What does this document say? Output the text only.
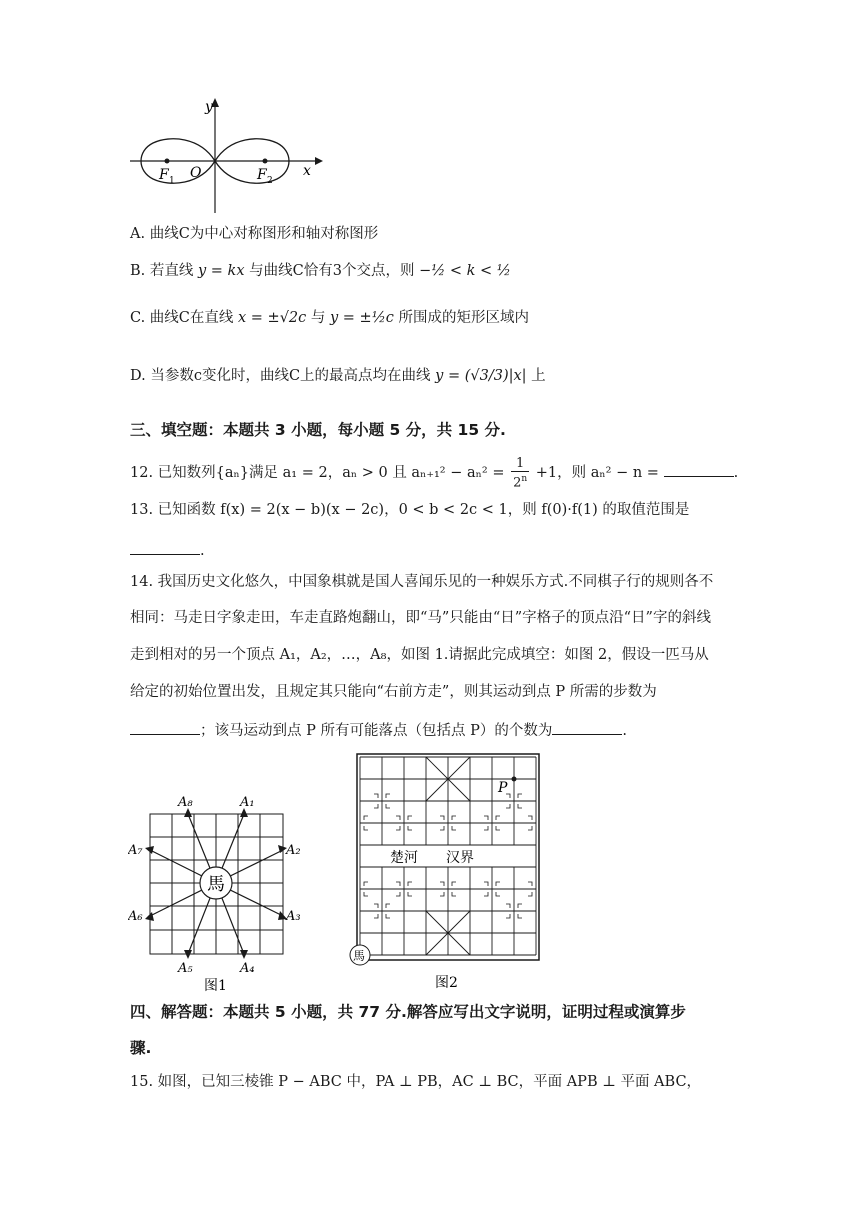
y
x
O
F 1	F 2
A. 曲线C为中心对称图形和轴对称图形
B. 若直线 y = kx 与曲线C恰有3个交点，则 −½ < k < ½
C. 曲线C在直线 x = ±√2c 与 y = ±½c 所围成的矩形区域内
D. 当参数c变化时，曲线C上的最高点均在曲线 y = (√3/3)|x| 上
三、填空题：本题共 3 小题，每小题 5 分，共 15 分.
12. 已知数列{aₙ}满足 a₁ = 2，aₙ > 0 且 $a_{n+1}^2 - a_n^2 = \frac{1}{2^n} +1$，则 aₙ² − n =	.
13. 已知函数 f(x) = 2(x − b)(x − 2c)，0 < b < 2c < 1，则 f(0)·f(1) 的取值范围是
.
14. 我国历史文化悠久，中国象棋就是国人喜闻乐见的一种娱乐方式.不同棋子行的规则各不
相同：马走日字象走田，车走直路炮翻山，即“马”只能由“日”字格子的顶点沿“日”字的斜线
走到相对的另一个顶点 A₁，A₂，…，A₈，如图 1.请据此完成填空：如图 2，假设一匹马从
给定的初始位置出发，且规定其只能向“右前方走”，则其运动到点 P 所需的步数为
；该马运动到点 P 所有可能落点（包括点 P）的个数为	.
馬
A₈	A₁
A₂
A₃
A₄
A₅
A₆
A₇
图1
P
楚河　　汉界
馬
图2
四、解答题：本题共 5 小题，共 77 分.解答应写出文字说明，证明过程或演算步
骤.
15. 如图，已知三棱锥 P − ABC 中，PA ⊥ PB，AC ⊥ BC，平面 APB ⊥ 平面 ABC，
